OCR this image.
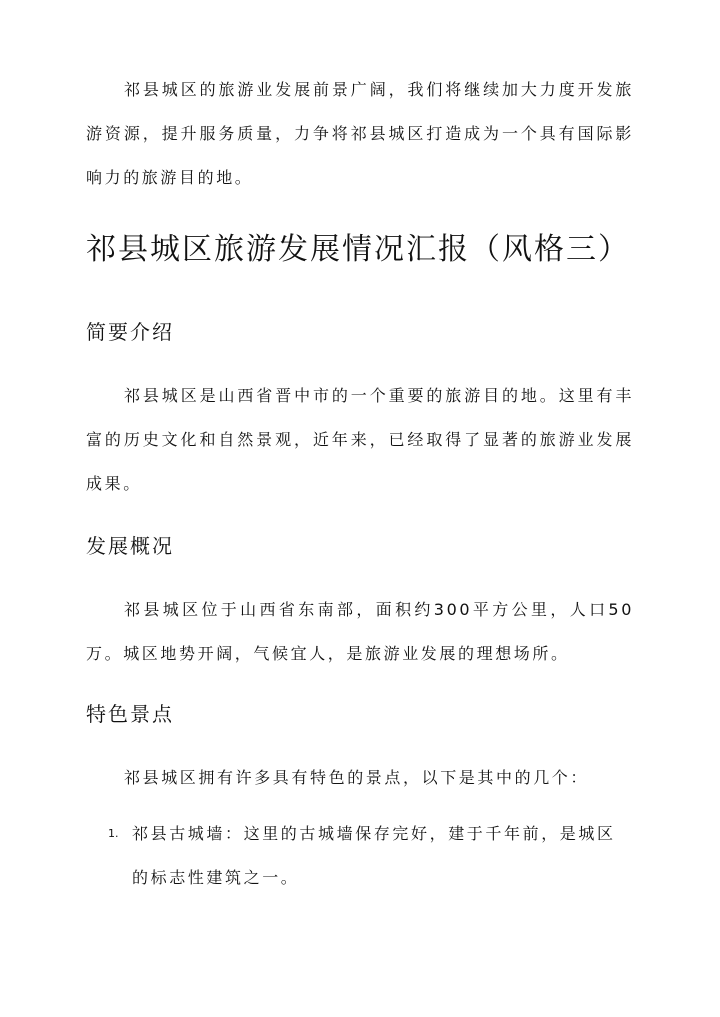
祁县城区的旅游业发展前景广阔，我们将继续加大力度开发旅游资源，提升服务质量，力争将祁县城区打造成为一个具有国际影响力的旅游目的地。

祁县城区旅游发展情况汇报（风格三）
简要介绍

祁县城区是山西省晋中市的一个重要的旅游目的地。这里有丰富的历史文化和自然景观，近年来，已经取得了显著的旅游业发展成果。

发展概况

祁县城区位于山西省东南部，面积约300平方公里，人口50万。城区地势开阔，气候宜人，是旅游业发展的理想场所。

特色景点

祁县城区拥有许多具有特色的景点，以下是其中的几个：

1. 祁县古城墙：这里的古城墙保存完好，建于千年前，是城区的标志性建筑之一。
